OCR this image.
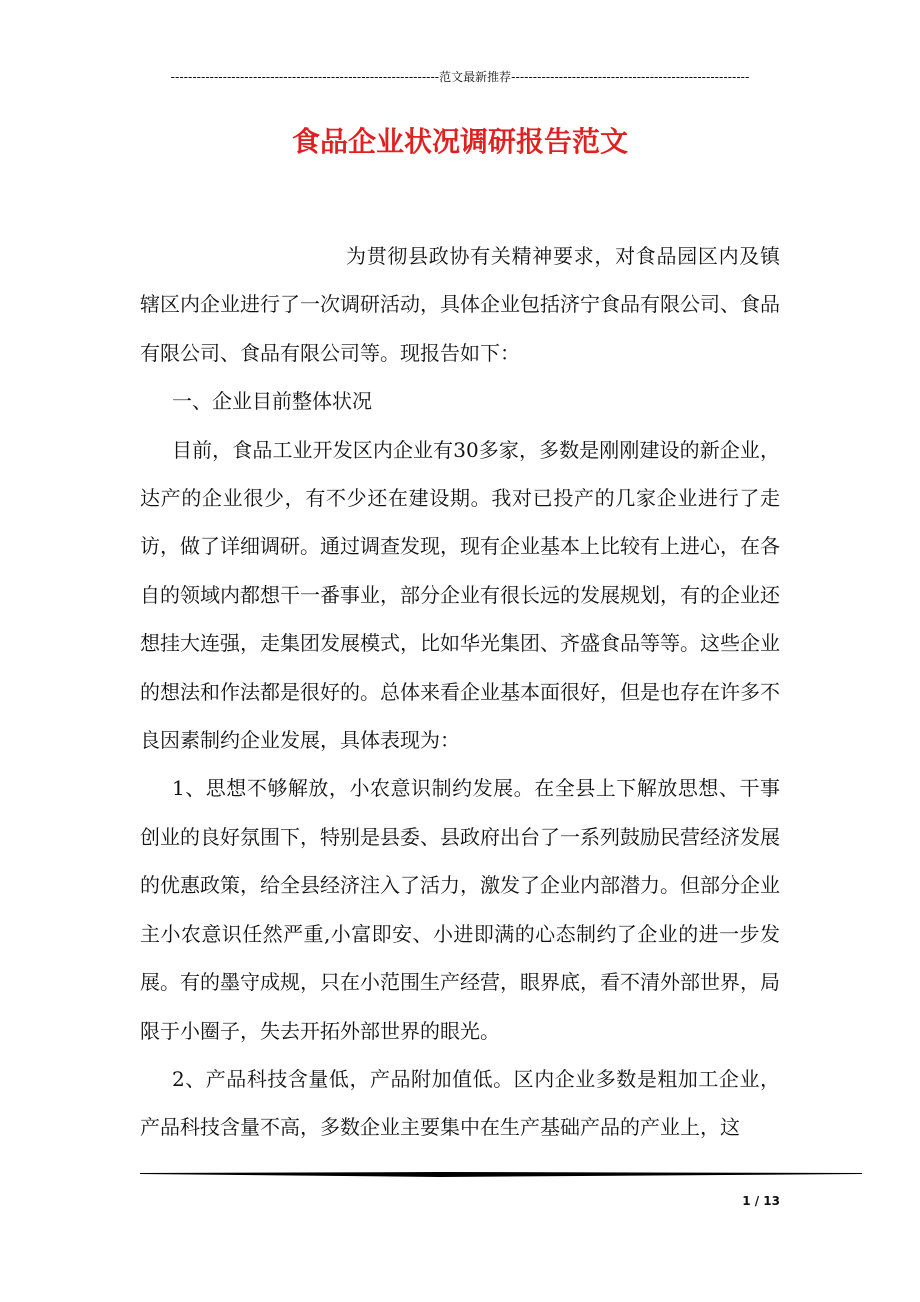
--------------------------------------------------------------范文最新推荐-------------------------------------------------------
食品企业状况调研报告范文

为贯彻县政协有关精神要求，对食品园区内及镇辖区内企业进行了一次调研活动，具体企业包括济宁食品有限公司、食品有限公司、食品有限公司等。现报告如下：

一、企业目前整体状况

目前，食品工业开发区内企业有30多家，多数是刚刚建设的新企业，达产的企业很少，有不少还在建设期。我对已投产的几家企业进行了走访，做了详细调研。通过调查发现，现有企业基本上比较有上进心，在各自的领域内都想干一番事业，部分企业有很长远的发展规划，有的企业还想挂大连强，走集团发展模式，比如华光集团、齐盛食品等等。这些企业的想法和作法都是很好的。总体来看企业基本面很好，但是也存在许多不良因素制约企业发展，具体表现为：

1、思想不够解放，小农意识制约发展。在全县上下解放思想、干事创业的良好氛围下，特别是县委、县政府出台了一系列鼓励民营经济发展的优惠政策，给全县经济注入了活力，激发了企业内部潜力。但部分企业主小农意识任然严重,小富即安、小进即满的心态制约了企业的进一步发展。有的墨守成规，只在小范围生产经营，眼界底，看不清外部世界，局限于小圈子，失去开拓外部世界的眼光。

2、产品科技含量低，产品附加值低。区内企业多数是粗加工企业，产品科技含量不高，多数企业主要集中在生产基础产品的产业上，这

1 / 13
